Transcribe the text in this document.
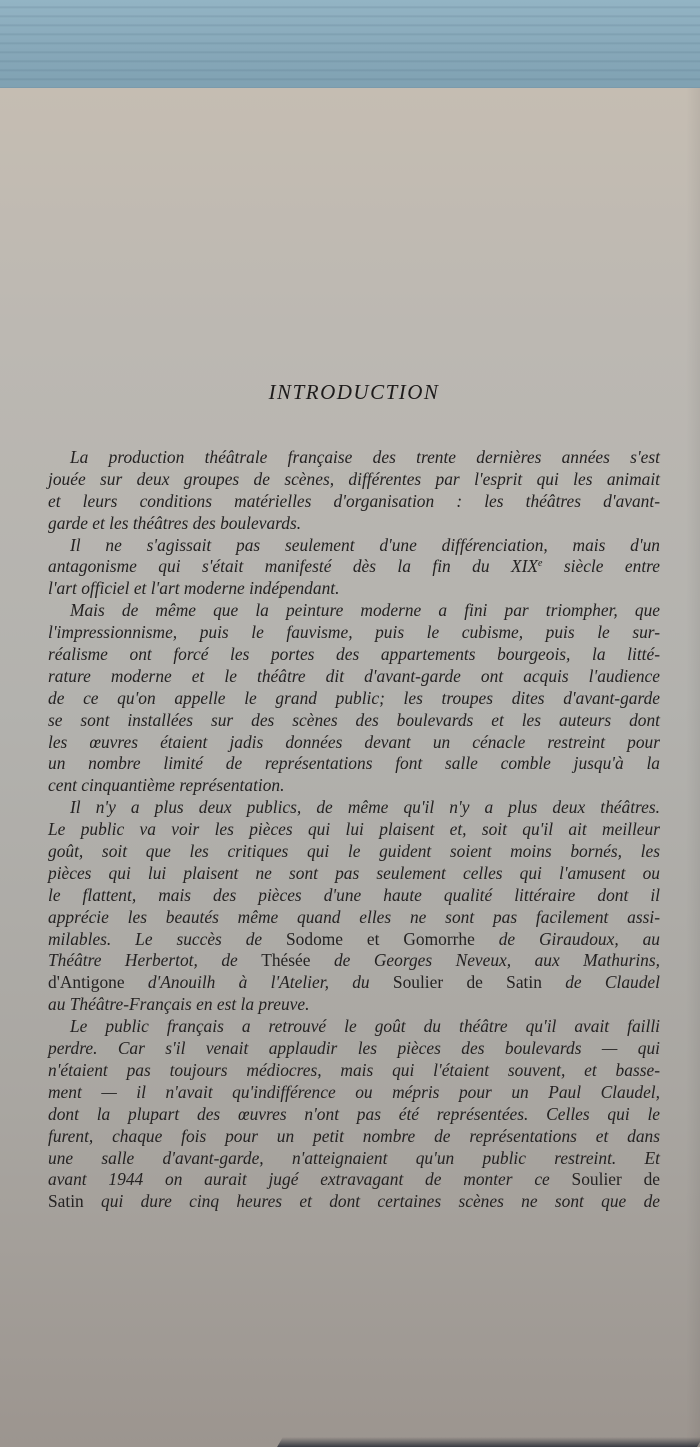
INTRODUCTION
La production théâtrale française des trente dernières années s'est
jouée sur deux groupes de scènes, différentes par l'esprit qui les animait
et leurs conditions matérielles d'organisation : les théâtres d'avant-
garde et les théâtres des boulevards.
Il ne s'agissait pas seulement d'une différenciation, mais d'un
antagonisme qui s'était manifesté dès la fin du XIXe siècle entre
l'art officiel et l'art moderne indépendant.
Mais de même que la peinture moderne a fini par triompher, que
l'impressionnisme, puis le fauvisme, puis le cubisme, puis le sur-
réalisme ont forcé les portes des appartements bourgeois, la litté-
rature moderne et le théâtre dit d'avant-garde ont acquis l'audience
de ce qu'on appelle le grand public; les troupes dites d'avant-garde
se sont installées sur des scènes des boulevards et les auteurs dont
les œuvres étaient jadis données devant un cénacle restreint pour
un nombre limité de représentations font salle comble jusqu'à la
cent cinquantième représentation.
Il n'y a plus deux publics, de même qu'il n'y a plus deux théâtres.
Le public va voir les pièces qui lui plaisent et, soit qu'il ait meilleur
goût, soit que les critiques qui le guident soient moins bornés, les
pièces qui lui plaisent ne sont pas seulement celles qui l'amusent ou
le flattent, mais des pièces d'une haute qualité littéraire dont il
apprécie les beautés même quand elles ne sont pas facilement assi-
milables. Le succès de Sodome et Gomorrhe de Giraudoux, au
Théâtre Herbertot, de Thésée de Georges Neveux, aux Mathurins,
d'Antigone d'Anouilh à l'Atelier, du Soulier de Satin de Claudel
au Théâtre-Français en est la preuve.
Le public français a retrouvé le goût du théâtre qu'il avait failli
perdre. Car s'il venait applaudir les pièces des boulevards — qui
n'étaient pas toujours médiocres, mais qui l'étaient souvent, et basse-
ment — il n'avait qu'indifférence ou mépris pour un Paul Claudel,
dont la plupart des œuvres n'ont pas été représentées. Celles qui le
furent, chaque fois pour un petit nombre de représentations et dans
une salle d'avant-garde, n'atteignaient qu'un public restreint. Et
avant 1944 on aurait jugé extravagant de monter ce Soulier de
Satin qui dure cinq heures et dont certaines scènes ne sont que de
